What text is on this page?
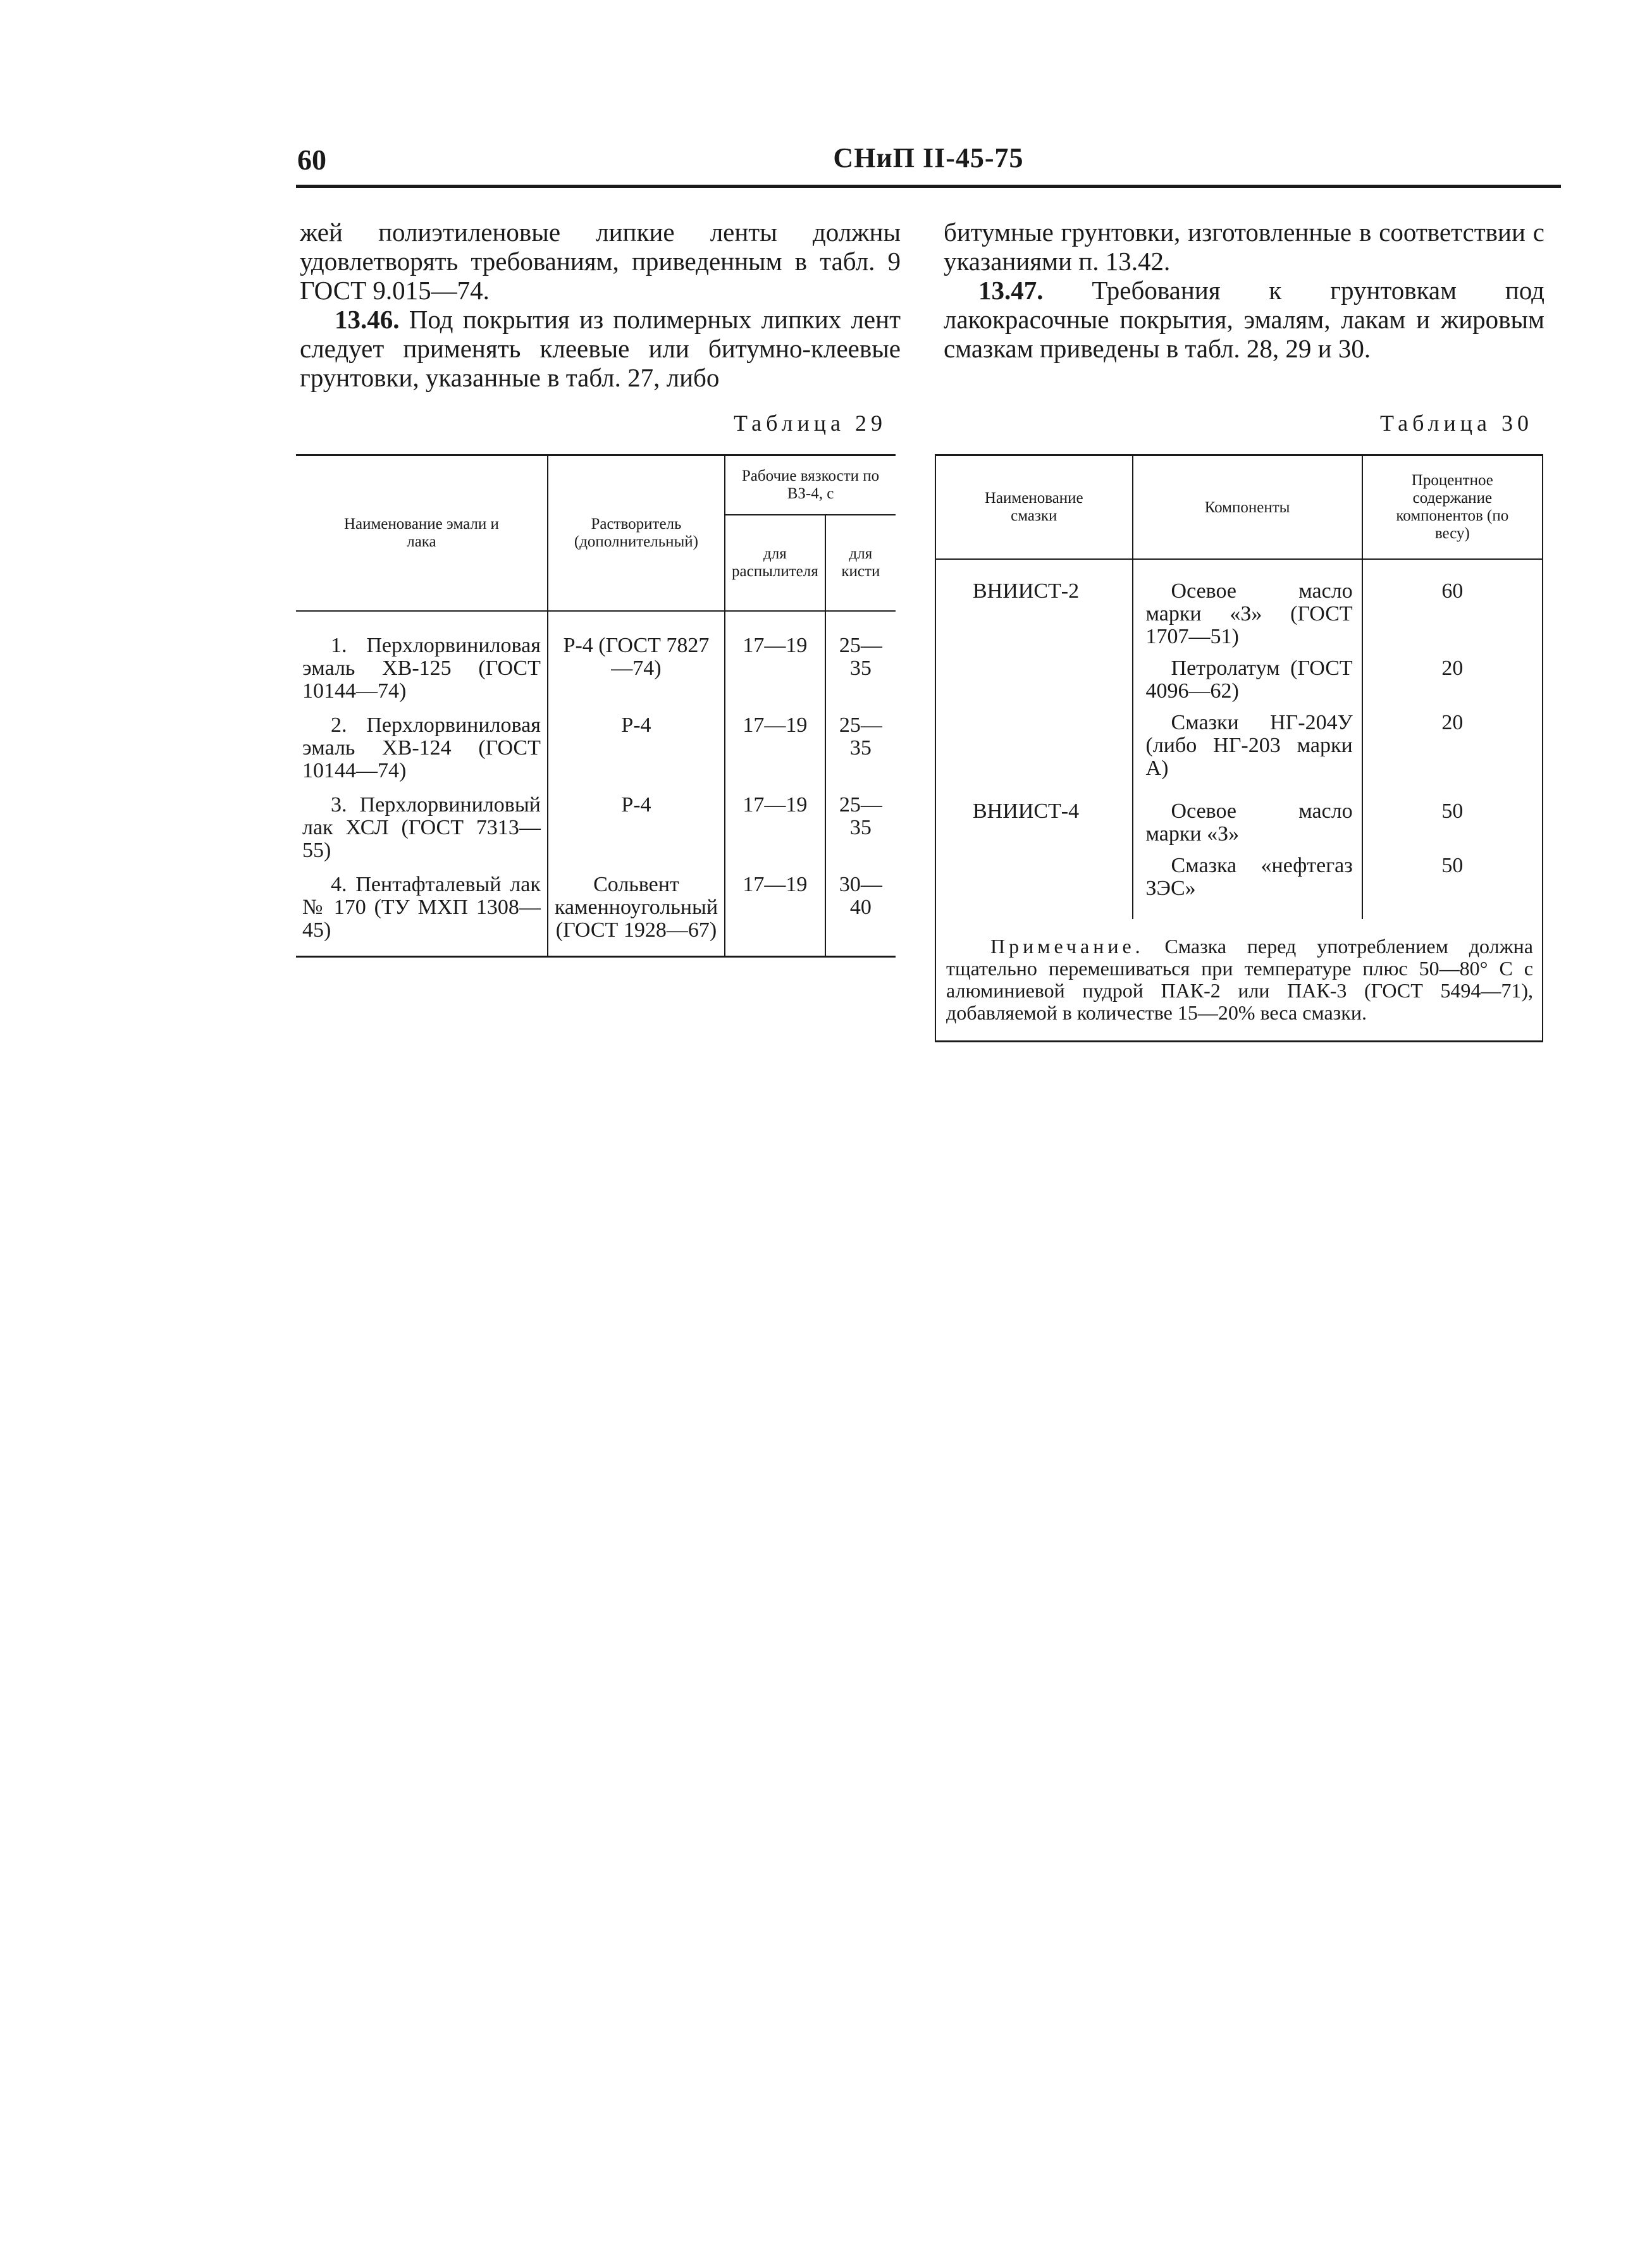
60	СНиП II-45-75

жей полиэтиленовые липкие ленты должны удовлетворять требованиям, приведенным в табл. 9 ГОСТ 9.015—74.

13.46. Под покрытия из полимерных липких лент следует применять клеевые или битумно-клеевые грунтовки, указанные в табл. 27, либо

битумные грунтовки, изготовленные в соответствии с указаниями п. 13.42.

13.47. Требования к грунтовкам под лакокрасочные покрытия, эмалям, лакам и жировым смазкам приведены в табл. 28, 29 и 30.

Таблица 29	Таблица 30
Наименование эмали и лака	Растворитель (дополнительный)	Рабочие вязкости по ВЗ-4, с	
		для распылителя	для кисти
1. Перхлорвиниловая эмаль ХВ-125 (ГОСТ 10144—74)	Р-4 (ГОСТ 7827—74)	17—19	25—35
2. Перхлорвиниловая эмаль ХВ-124 (ГОСТ 10144—74)	Р-4	17—19	25—35
3. Перхлорвиниловый лак ХСЛ (ГОСТ 7313—55)	Р-4	17—19	25—35
4. Пентафталевый лак № 170 (ТУ МХП 1308—45)	Сольвент каменноугольный (ГОСТ 1928—67)	17—19	30—40
Наименование смазки	Компоненты	Процентное содержание компонентов (по весу)

ВНИИСТ-2	Осевое масло марки «З» (ГОСТ 1707—51)	60
	Петролатум (ГОСТ 4096—62)	20
	Смазки НГ-204У (либо НГ-203 марки А)	20
ВНИИСТ-4	Осевое масло марки «З»	50
	Смазка «нефтегаз ЗЭС»	50
Примечание. Смазка перед употреблением должна тщательно перемешиваться при температуре плюс 50—80° С с алюминиевой пудрой ПАК-2 или ПАК-3 (ГОСТ 5494—71), добавляемой в количестве 15—20% веса смазки.		
